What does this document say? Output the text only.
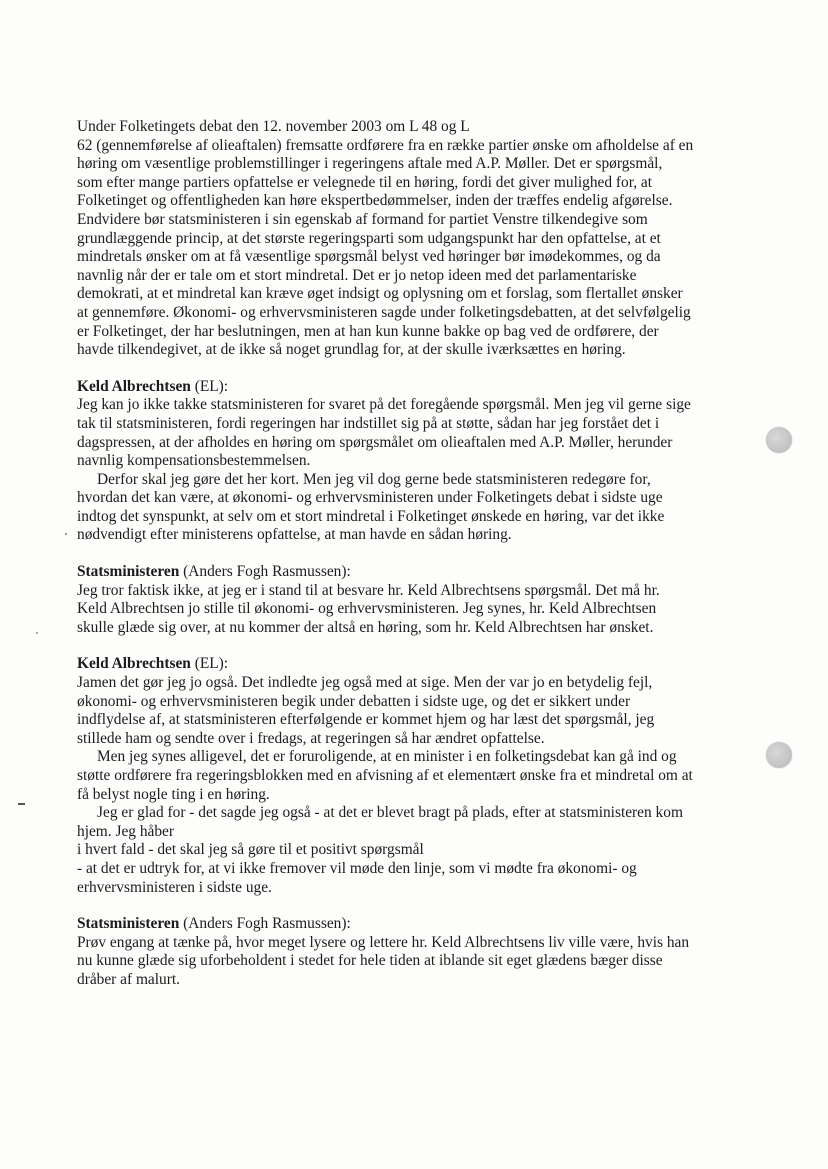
Under Folketingets debat den 12. november 2003 om L 48 og L
62 (gennemførelse af olieaftalen) fremsatte ordførere fra en række partier ønske om afholdelse af en
høring om væsentlige problemstillinger i regeringens aftale med A.P. Møller. Det er spørgsmål,
som efter mange partiers opfattelse er velegnede til en høring, fordi det giver mulighed for, at
Folketinget og offentligheden kan høre ekspertbedømmelser, inden der træffes endelig afgørelse.
Endvidere bør statsministeren i sin egenskab af formand for partiet Venstre tilkendegive som
grundlæggende princip, at det største regeringsparti som udgangspunkt har den opfattelse, at et
mindretals ønsker om at få væsentlige spørgsmål belyst ved høringer bør imødekommes, og da
navnlig når der er tale om et stort mindretal. Det er jo netop ideen med det parlamentariske
demokrati, at et mindretal kan kræve øget indsigt og oplysning om et forslag, som flertallet ønsker
at gennemføre. Økonomi- og erhvervsministeren sagde under folketingsdebatten, at det selvfølgelig
er Folketinget, der har beslutningen, men at han kun kunne bakke op bag ved de ordførere, der
havde tilkendegivet, at de ikke så noget grundlag for, at der skulle iværksættes en høring.
Keld Albrechtsen (EL):
Jeg kan jo ikke takke statsministeren for svaret på det foregående spørgsmål. Men jeg vil gerne sige
tak til statsministeren, fordi regeringen har indstillet sig på at støtte, sådan har jeg forstået det i
dagspressen, at der afholdes en høring om spørgsmålet om olieaftalen med A.P. Møller, herunder
navnlig kompensationsbestemmelsen.
Derfor skal jeg gøre det her kort. Men jeg vil dog gerne bede statsministeren redegøre for,
hvordan det kan være, at økonomi- og erhvervsministeren under Folketingets debat i sidste uge
indtog det synspunkt, at selv om et stort mindretal i Folketinget ønskede en høring, var det ikke
nødvendigt efter ministerens opfattelse, at man havde en sådan høring.
Statsministeren (Anders Fogh Rasmussen):
Jeg tror faktisk ikke, at jeg er i stand til at besvare hr. Keld Albrechtsens spørgsmål. Det må hr.
Keld Albrechtsen jo stille til økonomi- og erhvervsministeren. Jeg synes, hr. Keld Albrechtsen
skulle glæde sig over, at nu kommer der altså en høring, som hr. Keld Albrechtsen har ønsket.
Keld Albrechtsen (EL):
Jamen det gør jeg jo også. Det indledte jeg også med at sige. Men der var jo en betydelig fejl,
økonomi- og erhvervsministeren begik under debatten i sidste uge, og det er sikkert under
indflydelse af, at statsministeren efterfølgende er kommet hjem og har læst det spørgsmål, jeg
stillede ham og sendte over i fredags, at regeringen så har ændret opfattelse.
Men jeg synes alligevel, det er foruroligende, at en minister i en folketingsdebat kan gå ind og
støtte ordførere fra regeringsblokken med en afvisning af et elementært ønske fra et mindretal om at
få belyst nogle ting i en høring.
Jeg er glad for - det sagde jeg også - at det er blevet bragt på plads, efter at statsministeren kom
hjem. Jeg håber
i hvert fald - det skal jeg så gøre til et positivt spørgsmål
- at det er udtryk for, at vi ikke fremover vil møde den linje, som vi mødte fra økonomi- og
erhvervsministeren i sidste uge.
Statsministeren (Anders Fogh Rasmussen):
Prøv engang at tænke på, hvor meget lysere og lettere hr. Keld Albrechtsens liv ville være, hvis han
nu kunne glæde sig uforbeholdent i stedet for hele tiden at iblande sit eget glædens bæger disse
dråber af malurt.
